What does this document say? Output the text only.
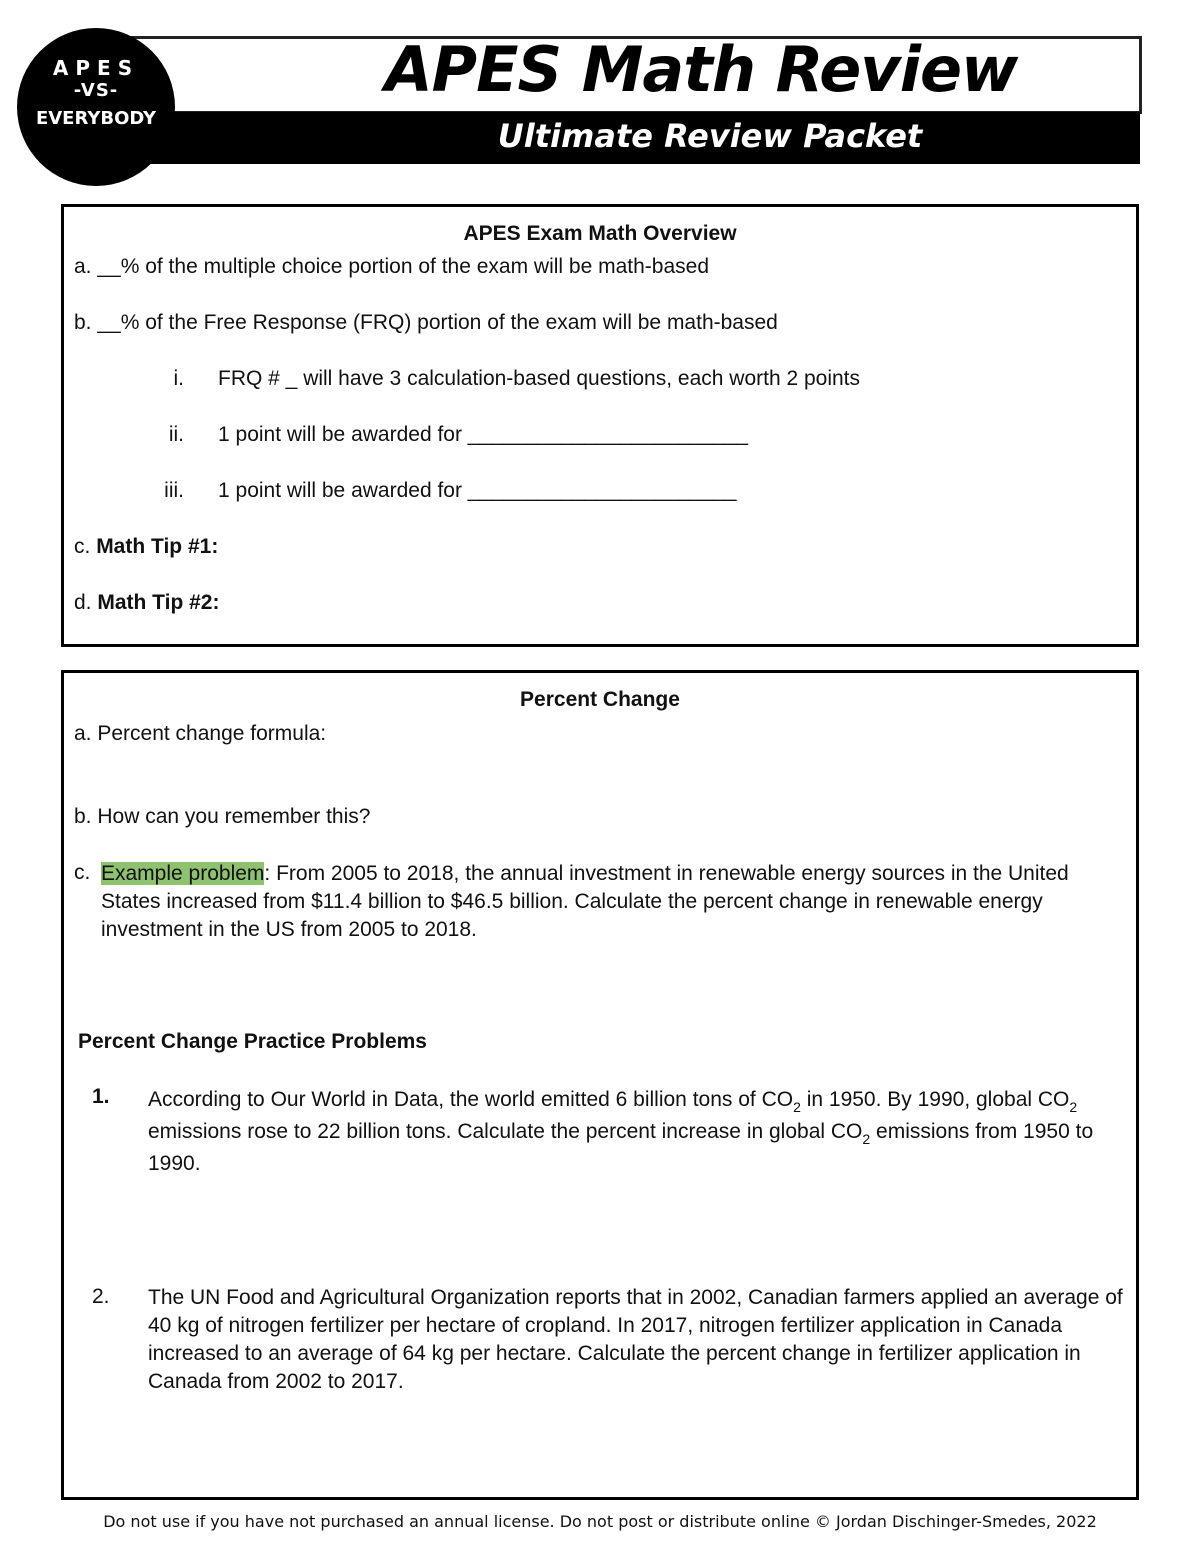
APES
-VS-
EVERYBODY
APES Math Review
Ultimate Review Packet
APES Exam Math Overview
a. __% of the multiple choice portion of the exam will be math-based
b. __% of the Free Response (FRQ) portion of the exam will be math-based
i. FRQ # _ will have 3 calculation-based questions, each worth 2 points
ii. 1 point will be awarded for ________________________
iii. 1 point will be awarded for _______________________
c. Math Tip #1:
d. Math Tip #2:
Percent Change
a. Percent change formula:
b. How can you remember this?
c. Example problem: From 2005 to 2018, the annual investment in renewable energy sources in the United States increased from $11.4 billion to $46.5 billion. Calculate the percent change in renewable energy investment in the US from 2005 to 2018.
Percent Change Practice Problems
1. According to Our World in Data, the world emitted 6 billion tons of $CO_2$ in 1950. By 1990, global $CO_2$ emissions rose to 22 billion tons. Calculate the percent increase in global $CO_2$ emissions from 1950 to 1990.
2. The UN Food and Agricultural Organization reports that in 2002, Canadian farmers applied an average of 40 kg of nitrogen fertilizer per hectare of cropland. In 2017, nitrogen fertilizer application in Canada increased to an average of 64 kg per hectare. Calculate the percent change in fertilizer application in Canada from 2002 to 2017.
Do not use if you have not purchased an annual license. Do not post or distribute online © Jordan Dischinger-Smedes, 2022
